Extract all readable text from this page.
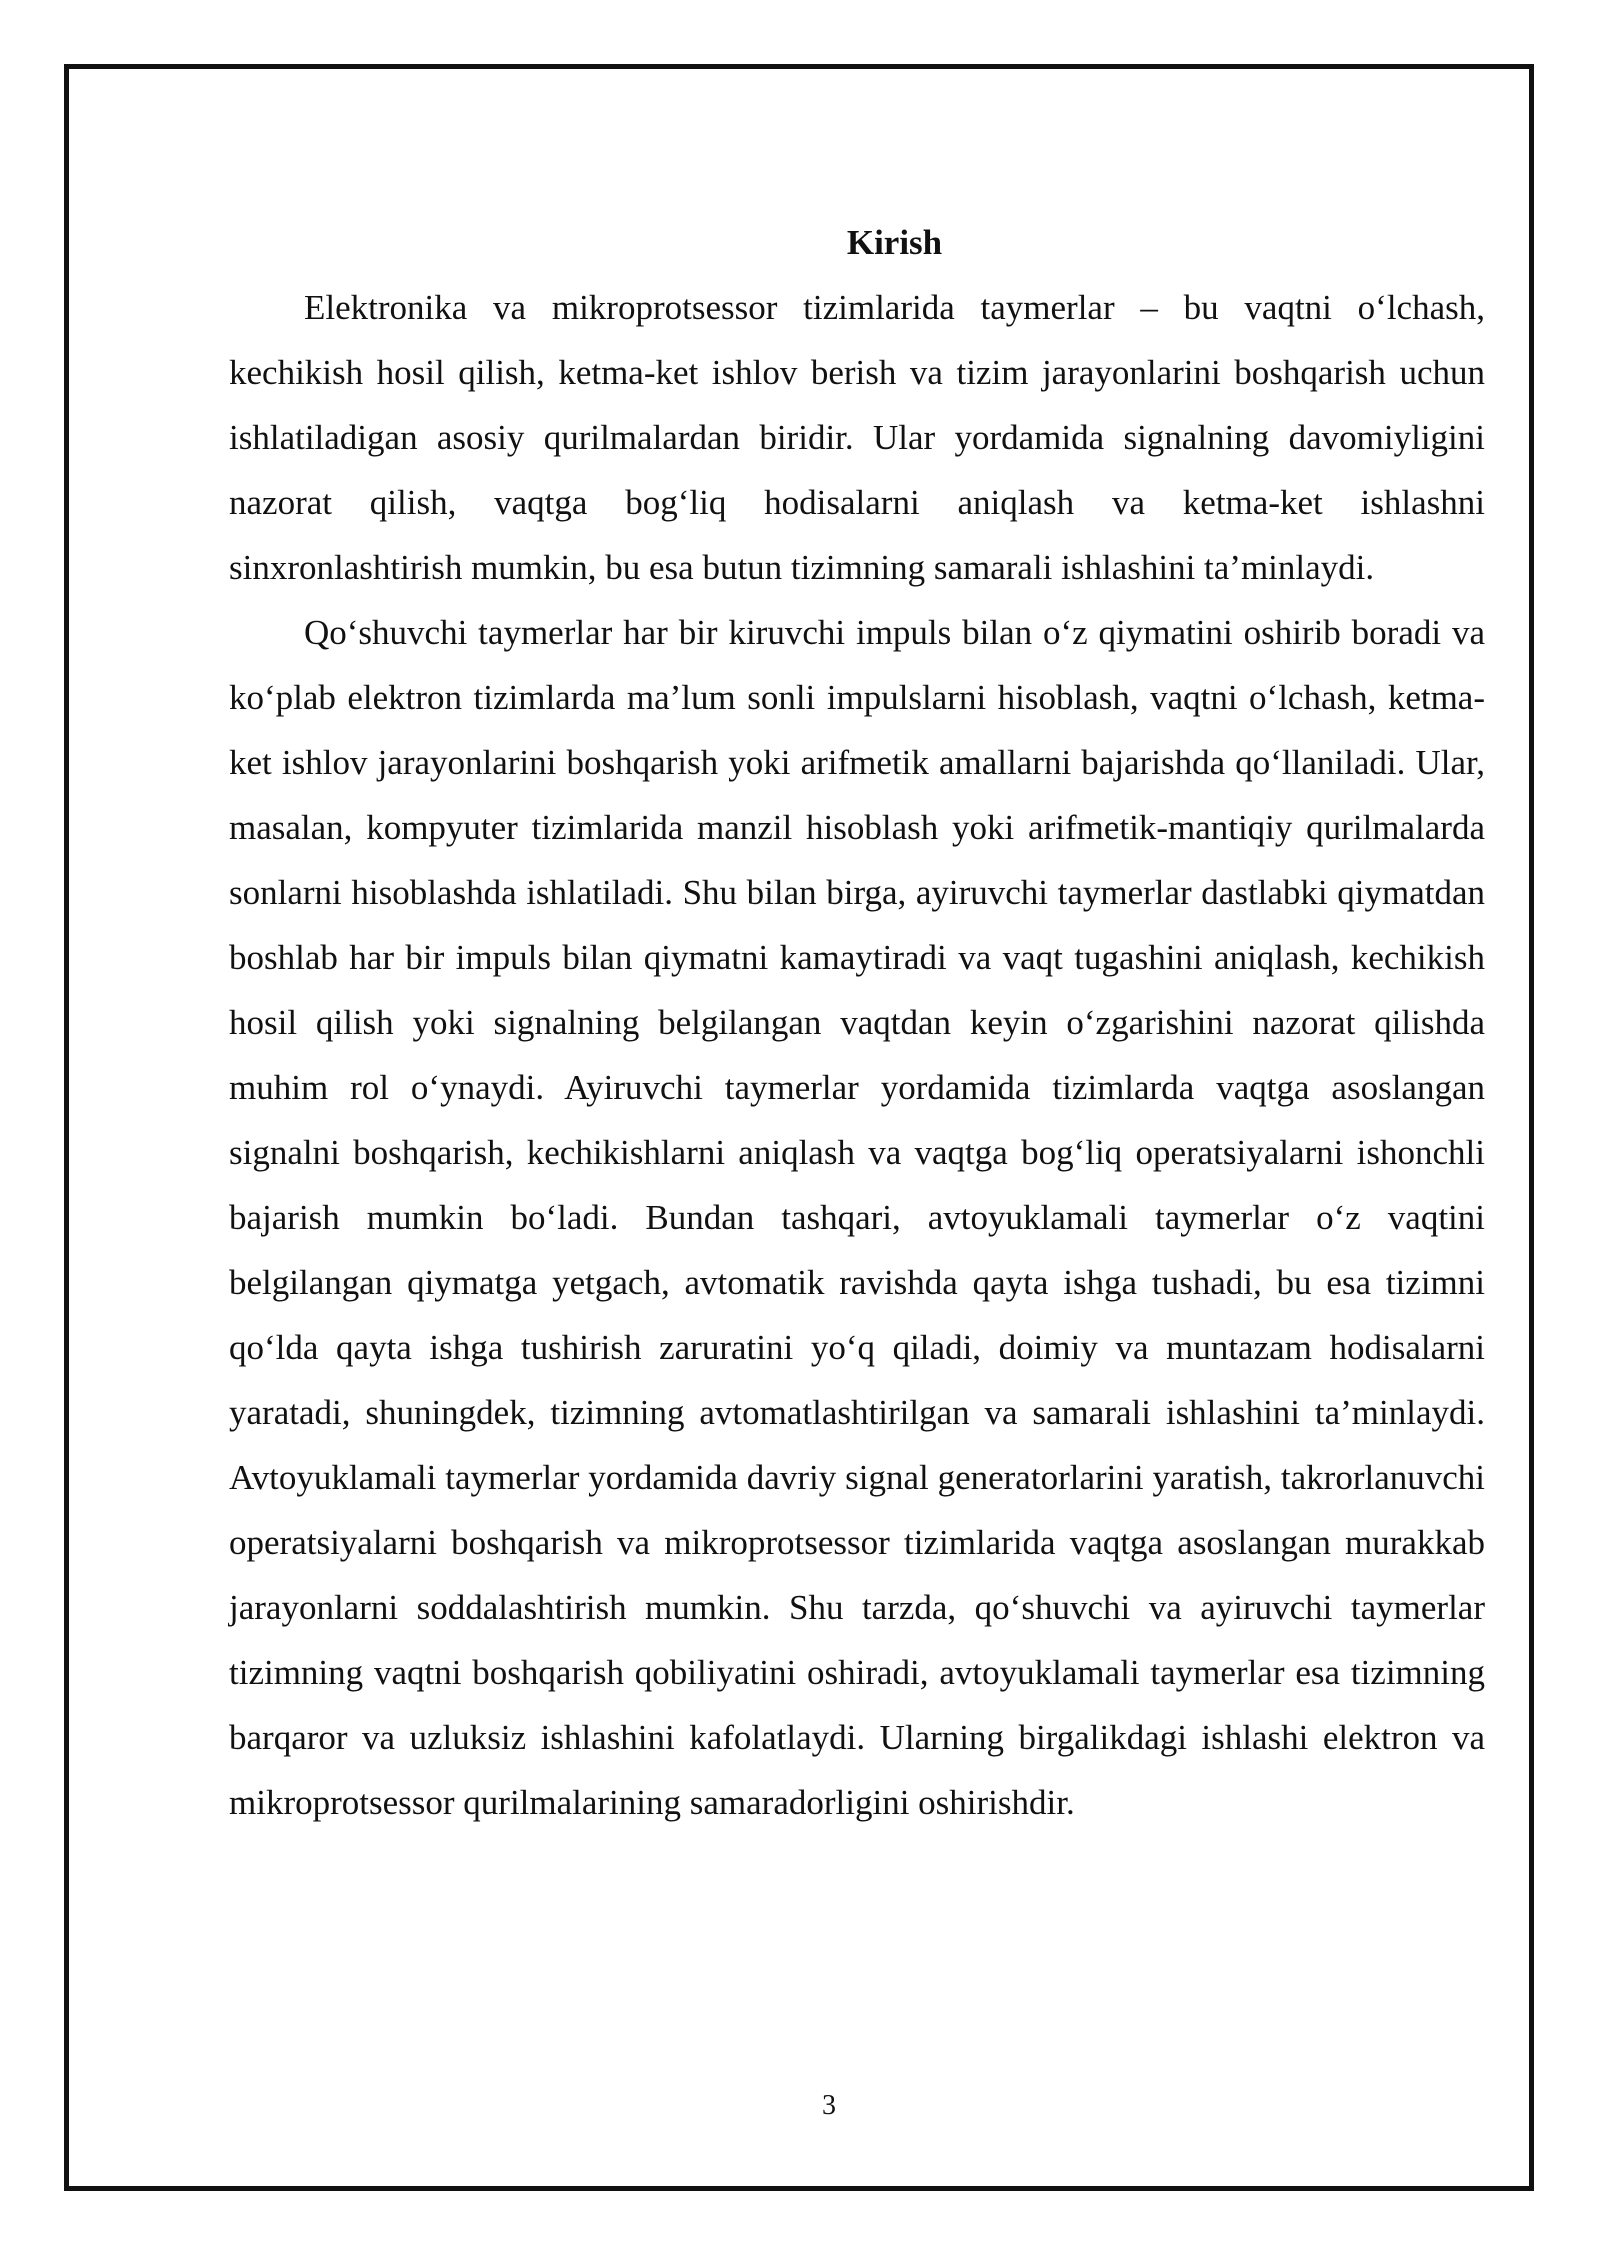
Kirish

Elektronika va mikroprotsessor tizimlarida taymerlar – bu vaqtni o‘lchash, kechikish hosil qilish, ketma-ket ishlov berish va tizim jarayonlarini boshqarish uchun ishlatiladigan asosiy qurilmalardan biridir. Ular yordamida signalning davomiyligini nazorat qilish, vaqtga bog‘liq hodisalarni aniqlash va ketma-ket ishlashni sinxronlashtirish mumkin, bu esa butun tizimning samarali ishlashini ta’minlaydi.

Qo‘shuvchi taymerlar har bir kiruvchi impuls bilan o‘z qiymatini oshirib boradi va ko‘plab elektron tizimlarda ma’lum sonli impulslarni hisoblash, vaqtni o‘lchash, ketma-ket ishlov jarayonlarini boshqarish yoki arifmetik amallarni bajarishda qo‘llaniladi. Ular, masalan, kompyuter tizimlarida manzil hisoblash yoki arifmetik-mantiqiy qurilmalarda sonlarni hisoblashda ishlatiladi. Shu bilan birga, ayiruvchi taymerlar dastlabki qiymatdan boshlab har bir impuls bilan qiymatni kamaytiradi va vaqt tugashini aniqlash, kechikish hosil qilish yoki signalning belgilangan vaqtdan keyin o‘zgarishini nazorat qilishda muhim rol o‘ynaydi. Ayiruvchi taymerlar yordamida tizimlarda vaqtga asoslangan signalni boshqarish, kechikishlarni aniqlash va vaqtga bog‘liq operatsiyalarni ishonchli bajarish mumkin bo‘ladi. Bundan tashqari, avtoyuklamali taymerlar o‘z vaqtini belgilangan qiymatga yetgach, avtomatik ravishda qayta ishga tushadi, bu esa tizimni qo‘lda qayta ishga tushirish zaruratini yo‘q qiladi, doimiy va muntazam hodisalarni yaratadi, shuningdek, tizimning avtomatlashtirilgan va samarali ishlashini ta’minlaydi. Avtoyuklamali taymerlar yordamida davriy signal generatorlarini yaratish, takrorlanuvchi operatsiyalarni boshqarish va mikroprotsessor tizimlarida vaqtga asoslangan murakkab jarayonlarni soddalashtirish mumkin. Shu tarzda, qo‘shuvchi va ayiruvchi taymerlar tizimning vaqtni boshqarish qobiliyatini oshiradi, avtoyuklamali taymerlar esa tizimning barqaror va uzluksiz ishlashini kafolatlaydi. Ularning birgalikdagi ishlashi elektron va mikroprotsessor qurilmalarining samaradorligini oshirishdir.

3
